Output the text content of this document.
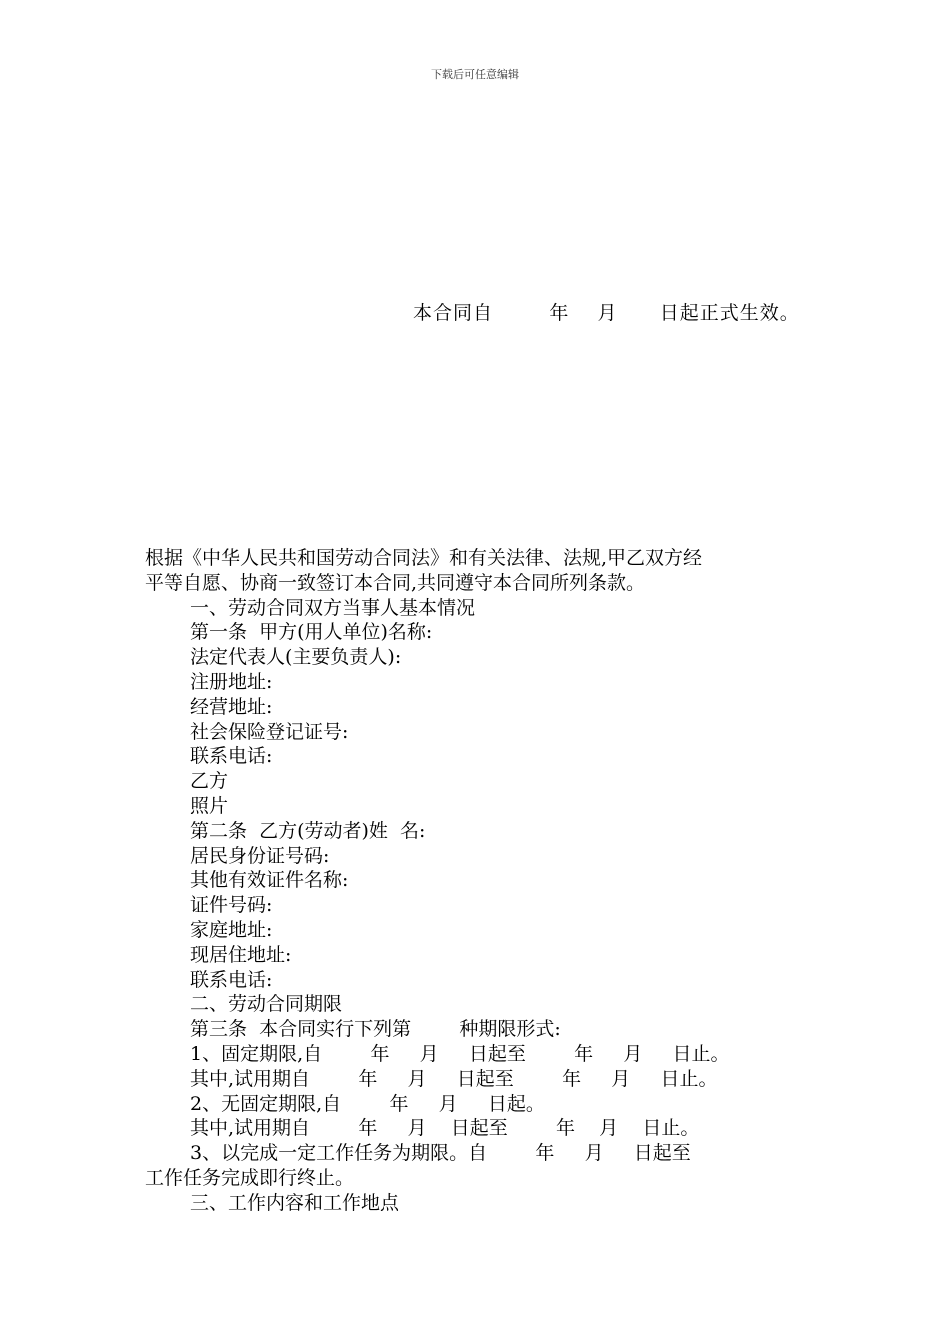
下载后可任意编辑
本合同自        年    月      日起正式生效。
根据《中华人民共和国劳动合同法》和有关法律、法规,甲乙双方经
平等自愿、协商一致签订本合同,共同遵守本合同所列条款。
一、劳动合同双方当事人基本情况
第一条  甲方(用人单位)名称:
法定代表人(主要负责人):
注册地址:
经营地址:
社会保险登记证号:
联系电话:
乙方
照片
第二条  乙方(劳动者)姓  名:
居民身份证号码:
其他有效证件名称:
证件号码:
家庭地址:
现居住地址:
联系电话:
二、劳动合同期限
第三条  本合同实行下列第        种期限形式:
1、固定期限,自        年     月     日起至        年     月     日止。
其中,试用期自        年     月     日起至        年     月     日止。
2、无固定期限,自        年     月     日起。
其中,试用期自        年     月    日起至        年    月    日止。
3、以完成一定工作任务为期限。自        年     月     日起至
工作任务完成即行终止。
三、工作内容和工作地点
